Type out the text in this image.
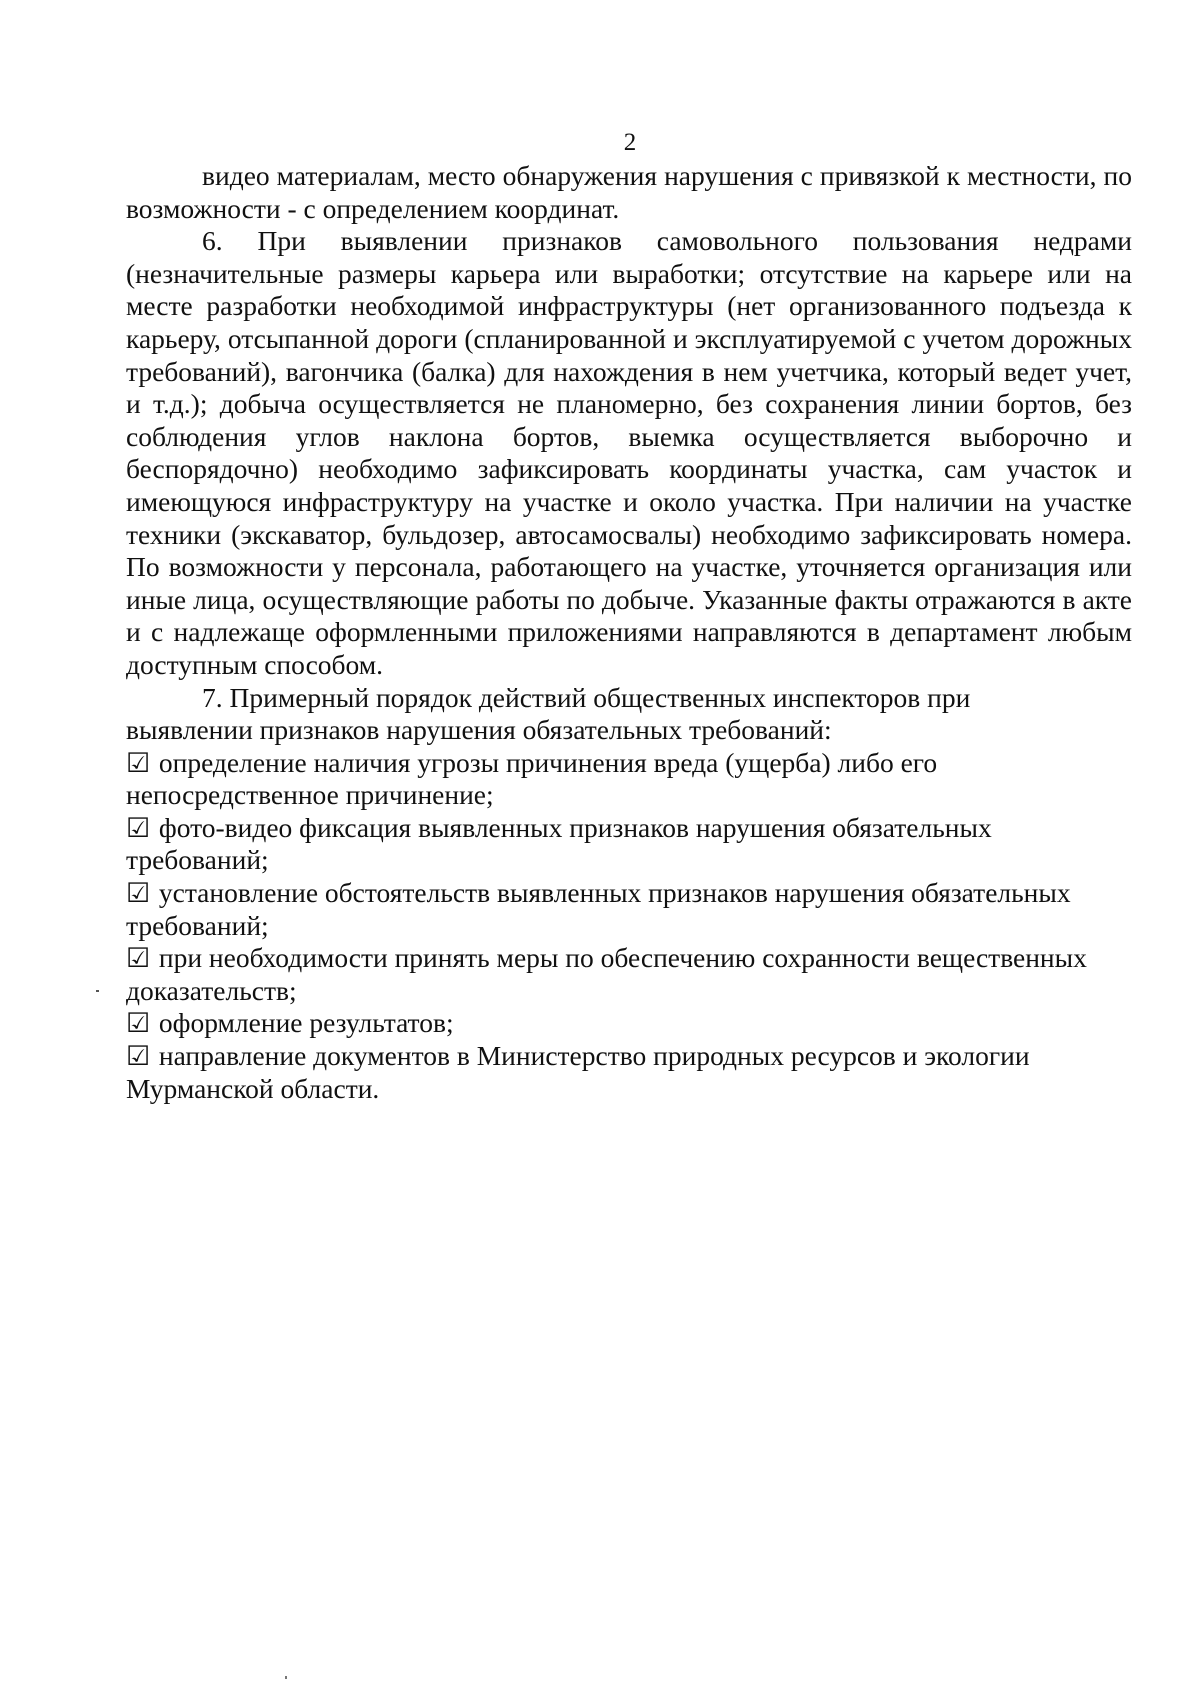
2

видео материалам, место обнаружения нарушения с привязкой к местности, по возможности - с определением координат.

6. При выявлении признаков самовольного пользования недрами (незначительные размеры карьера или выработки; отсутствие на карьере или на месте разработки необходимой инфраструктуры (нет организованного подъезда к карьеру, отсыпанной дороги (спланированной и эксплуатируемой с учетом дорожных требований), вагончика (балка) для нахождения в нем учетчика, который ведет учет, и т.д.); добыча осуществляется не планомерно, без сохранения линии бортов, без соблюдения углов наклона бортов, выемка осуществляется выборочно и беспорядочно) необходимо зафиксировать координаты участка, сам участок и имеющуюся инфраструктуру на участке и около участка. При наличии на участке техники (экскаватор, бульдозер, автосамосвалы) необходимо зафиксировать номера. По возможности у персонала, работающего на участке, уточняется организация или иные лица, осуществляющие работы по добыче. Указанные факты отражаются в акте и с надлежаще оформленными приложениями направляются в департамент любым доступным способом.

7. Примерный порядок действий общественных инспекторов при выявлении признаков нарушения обязательных требований:

☑ определение наличия угрозы причинения вреда (ущерба) либо его непосредственное причинение;
☑ фото-видео фиксация выявленных признаков нарушения обязательных требований;
☑ установление обстоятельств выявленных признаков нарушения обязательных требований;
☑ при необходимости принять меры по обеспечению сохранности вещественных доказательств;
☑ оформление результатов;
☑ направление документов в Министерство природных ресурсов и экологии Мурманской области.
